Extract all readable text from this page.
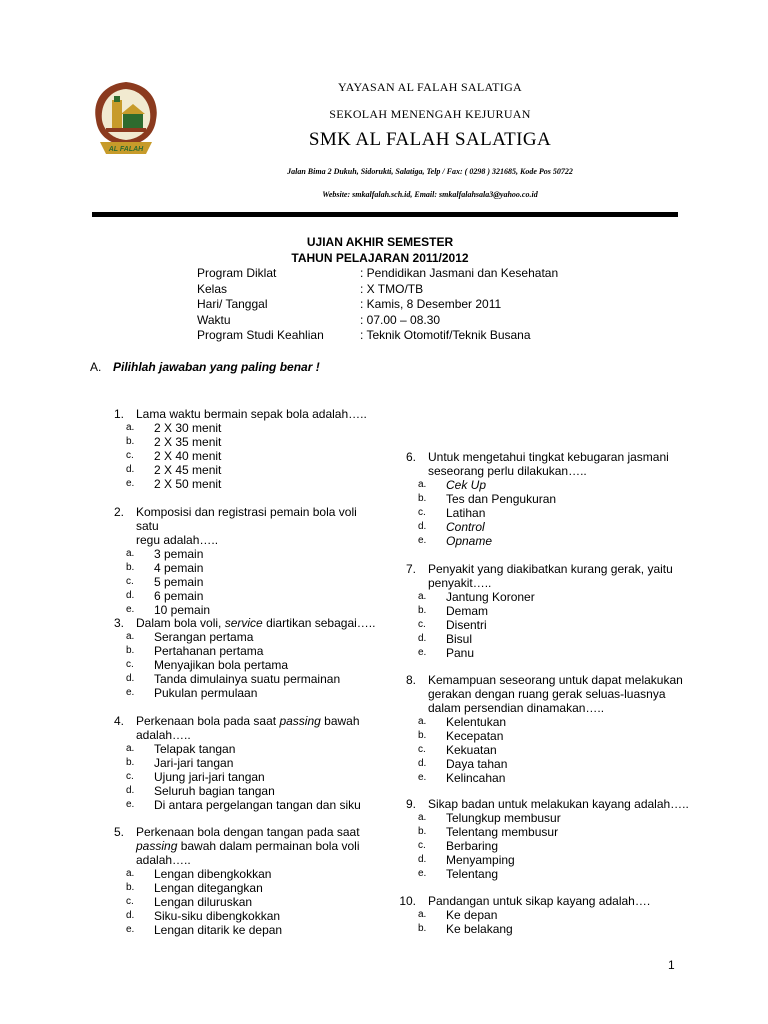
AL FALAH
YAYASAN AL FALAH SALATIGA
SEKOLAH MENENGAH KEJURUAN
SMK AL FALAH SALATIGA
Jalan Bima 2 Dukuh, Sidorukti, Salatiga, Telp / Fax: ( 0298 ) 321685, Kode Pos 50722
Website: smkalfalah.sch.id, Email: smkalfalahsala3@yahoo.co.id
UJIAN AKHIR SEMESTER
TAHUN PELAJARAN 2011/2012
Program Diklat	: Pendidikan Jasmani dan Kesehatan
Kelas	: X TMO/TB
Hari/ Tanggal	: Kamis, 8 Desember 2011
Waktu	: 07.00 – 08.30
Program Studi Keahlian	: Teknik Otomotif/Teknik Busana
A. Pilihlah jawaban yang paling benar !
1. Lama waktu bermain sepak bola adalah…..
a. 2 X 30 menit
b. 2 X 35 menit
c. 2 X 40 menit
d. 2 X 45 menit
e. 2 X 50 menit
2. Komposisi dan registrasi pemain bola voli satu
regu adalah…..
a. 3 pemain
b. 4 pemain
c. 5 pemain
d. 6 pemain
e. 10 pemain
3. Dalam bola voli, service diartikan sebagai…..
a. Serangan pertama
b. Pertahanan pertama
c. Menyajikan bola pertama
d. Tanda dimulainya suatu permainan
e. Pukulan permulaan
4. Perkenaan bola pada saat passing bawah
adalah…..
a. Telapak tangan
b. Jari-jari tangan
c. Ujung jari-jari tangan
d. Seluruh bagian tangan
e. Di antara pergelangan tangan dan siku
5. Perkenaan bola dengan tangan pada saat
passing bawah dalam permainan bola voli
adalah…..
a. Lengan dibengkokkan
b. Lengan ditegangkan
c. Lengan diluruskan
d. Siku-siku dibengkokkan
e. Lengan ditarik ke depan
6. Untuk mengetahui tingkat kebugaran jasmani
seseorang perlu dilakukan…..
a. Cek Up
b. Tes dan Pengukuran
c. Latihan
d. Control
e. Opname
7. Penyakit yang diakibatkan kurang gerak, yaitu
penyakit…..
a. Jantung Koroner
b. Demam
c. Disentri
d. Bisul
e. Panu
8. Kemampuan seseorang untuk dapat melakukan
gerakan dengan ruang gerak seluas-luasnya
dalam persendian dinamakan…..
a. Kelentukan
b. Kecepatan
c. Kekuatan
d. Daya tahan
e. Kelincahan
9. Sikap badan untuk melakukan kayang adalah…..
a. Telungkup membusur
b. Telentang membusur
c. Berbaring
d. Menyamping
e. Telentang
10. Pandangan untuk sikap kayang adalah….
a. Ke depan
b. Ke belakang
1
